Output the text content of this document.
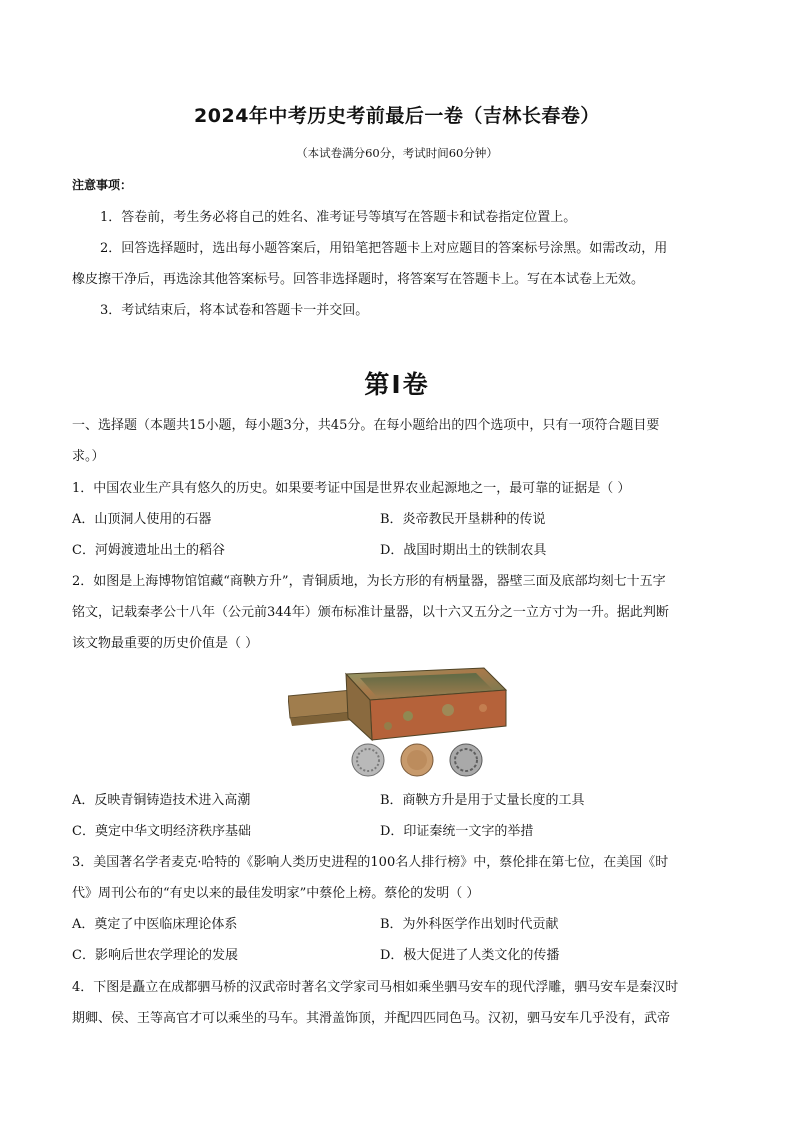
2024年中考历史考前最后一卷（吉林长春卷）
（本试卷满分60分，考试时间60分钟）
注意事项：
1．答卷前，考生务必将自己的姓名、准考证号等填写在答题卡和试卷指定位置上。
2．回答选择题时，选出每小题答案后，用铅笔把答题卡上对应题目的答案标号涂黑。如需改动，用
橡皮擦干净后，再选涂其他答案标号。回答非选择题时，将答案写在答题卡上。写在本试卷上无效。
3．考试结束后，将本试卷和答题卡一并交回。
第Ⅰ卷
一、选择题（本题共15小题，每小题3分，共45分。在每小题给出的四个选项中，只有一项符合题目要
求。）
1．中国农业生产具有悠久的历史。如果要考证中国是世界农业起源地之一，最可靠的证据是（ ）
A．山顶洞人使用的石器	B．炎帝教民开垦耕种的传说
C．河姆渡遗址出土的稻谷	D．战国时期出土的铁制农具
2．如图是上海博物馆馆藏“商鞅方升”，青铜质地，为长方形的有柄量器，器壁三面及底部均刻七十五字
铭文，记载秦孝公十八年（公元前344年）颁布标准计量器，以十六又五分之一立方寸为一升。据此判断
该文物最重要的历史价值是（ ）
A．反映青铜铸造技术进入高潮	B．商鞅方升是用于丈量长度的工具
C．奠定中华文明经济秩序基础	D．印证秦统一文字的举措
3．美国著名学者麦克·哈特的《影响人类历史进程的100名人排行榜》中，蔡伦排在第七位，在美国《时
代》周刊公布的“有史以来的最佳发明家”中蔡伦上榜。蔡伦的发明（ ）
A．奠定了中医临床理论体系	B．为外科医学作出划时代贡献
C．影响后世农学理论的发展	D．极大促进了人类文化的传播
4．下图是矗立在成都驷马桥的汉武帝时著名文学家司马相如乘坐驷马安车的现代浮雕，驷马安车是秦汉时
期卿、侯、王等高官才可以乘坐的马车。其滑盖饰顶，并配四匹同色马。汉初，驷马安车几乎没有，武帝
